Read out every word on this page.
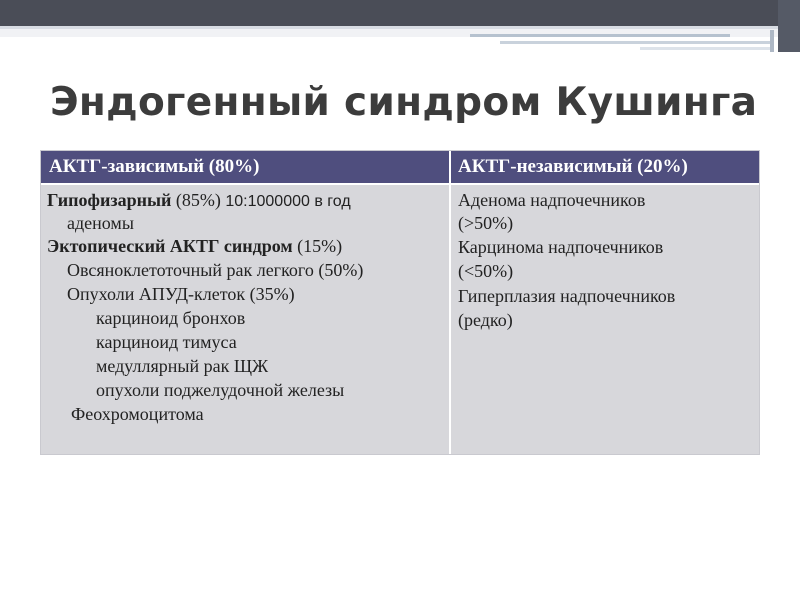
Эндогенный синдром Кушинга
АКТГ-зависимый (80%)	АКТГ-независимый (20%)
Гипофизарный (85%) 10:1000000 в год
аденомы
Эктопический АКТГ синдром (15%)
Овсяноклетоточный рак легкого (50%)
Опухоли АПУД-клеток (35%)
карциноид бронхов
карциноид тимуса
медуллярный рак ЩЖ
опухоли поджелудочной железы
Феохромоцитома
Аденома надпочечников
(>50%)
Карцинома надпочечников
(<50%)
Гиперплазия надпочечников
(редко)
